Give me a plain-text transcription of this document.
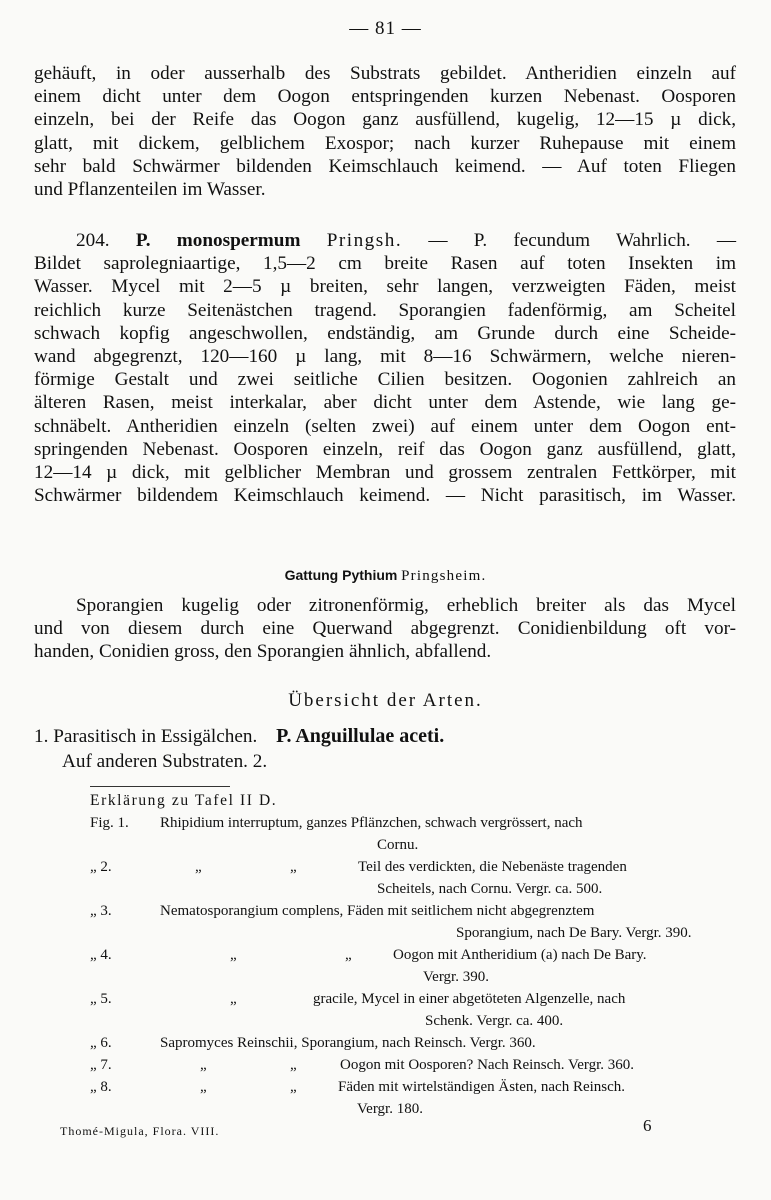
— 81 —
gehäuft, in oder ausserhalb des Substrats gebildet. Antheridien einzeln auf
einem dicht unter dem Oogon entspringenden kurzen Nebenast. Oosporen
einzeln, bei der Reife das Oogon ganz ausfüllend, kugelig, 12—15 µ dick,
glatt, mit dickem, gelblichem Exospor; nach kurzer Ruhepause mit einem
sehr bald Schwärmer bildenden Keimschlauch keimend. — Auf toten Fliegen
und Pflanzenteilen im Wasser.
204. P. monospermum Pringsh. — P. fecundum Wahrlich. —
Bildet saprolegniaartige, 1,5—2 cm breite Rasen auf toten Insekten im
Wasser. Mycel mit 2—5 µ breiten, sehr langen, verzweigten Fäden, meist
reichlich kurze Seitenästchen tragend. Sporangien fadenförmig, am Scheitel
schwach kopfig angeschwollen, endständig, am Grunde durch eine Scheide-
wand abgegrenzt, 120—160 µ lang, mit 8—16 Schwärmern, welche nieren-
förmige Gestalt und zwei seitliche Cilien besitzen. Oogonien zahlreich an
älteren Rasen, meist interkalar, aber dicht unter dem Astende, wie lang ge-
schnäbelt. Antheridien einzeln (selten zwei) auf einem unter dem Oogon ent-
springenden Nebenast. Oosporen einzeln, reif das Oogon ganz ausfüllend, glatt,
12—14 µ dick, mit gelblicher Membran und grossem zentralen Fettkörper, mit
Schwärmer bildendem Keimschlauch keimend. — Nicht parasitisch, im Wasser.
Gattung Pythium Pringsheim.
Sporangien kugelig oder zitronenförmig, erheblich breiter als das Mycel
und von diesem durch eine Querwand abgegrenzt. Conidienbildung oft vor-
handen, Conidien gross, den Sporangien ähnlich, abfallend.
Übersicht der Arten.
1. Parasitisch in Essigälchen. P. Anguillulae aceti.
Auf anderen Substraten. 2.
Erklärung zu Tafel II D.
Fig. 1. Rhipidium interruptum, ganzes Pflänzchen, schwach vergrössert, nach
Cornu.
„ 2.	„	„	Teil des verdickten, die Nebenäste tragenden
Scheitels, nach Cornu. Vergr. ca. 500.
„ 3.	Nematosporangium complens, Fäden mit seitlichem nicht abgegrenztem
Sporangium, nach De Bary. Vergr. 390.
„ 4.	„	„	Oogon mit Antheridium (a) nach De Bary.
Vergr. 390.
„ 5.	„	gracile, Mycel in einer abgetöteten Algenzelle, nach
Schenk. Vergr. ca. 400.
„ 6.	Sapromyces Reinschii, Sporangium, nach Reinsch. Vergr. 360.
„ 7.	„	„	Oogon mit Oosporen? Nach Reinsch. Vergr. 360.
„ 8.	„	„	Fäden mit wirtelständigen Ästen, nach Reinsch.
Vergr. 180.
Thomé-Migula, Flora. VIII.	6
